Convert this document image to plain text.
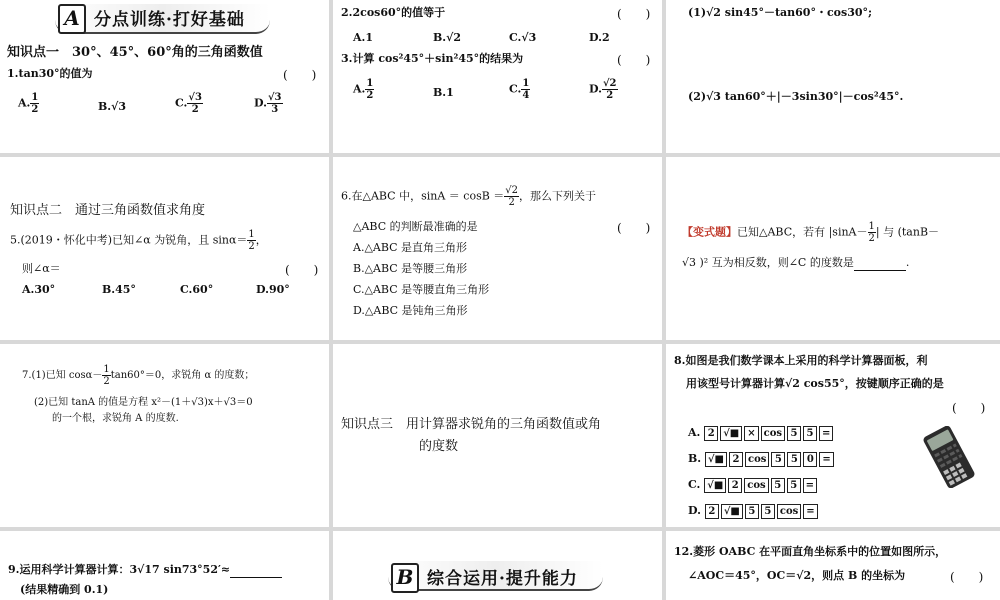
A 分点训练·打好基础
知识点一　30°、45°、60°角的三角函数值
1.tan30°的值为	(　　)
A. $\frac{1}{2}$	B.√3	C. $\frac{√3}{2}$	D. $\frac{√3}{3}$
2.2cos60°的值等于	(　　)
A.1	B.√2	C.√3	D.2
3.计算 cos²45°＋sin²45°的结果为	(　　)
A. $\frac{1}{2}$	B.1	C. $\frac{1}{4}$	D. $\frac{√2}{2}$
(1)√2 sin45°－tan60°・cos30°;
(2)√3 tan60°＋|－3sin30°|－cos²45°.
知识点二　通过三角函数值求角度
5.(2019・怀化中考)已知∠α 为锐角，且 $\sin\alpha= \frac{1}{2}$ ，
则∠α＝	(　　)
A.30°	B.45°	C.60°	D.90°
6.在△ABC 中，$\sin A = \cos B = \frac{√2}{2}$ ，那么下列关于
△ABC 的判断最准确的是	(　　)
A.△ABC 是直角三角形
B.△ABC 是等腰三角形
C.△ABC 是等腰直角三角形
D.△ABC 是钝角三角形
【变式题】已知△ABC，若有 $|\sin A- \frac{1}{2}$ | 与 (tanB－
√3 )² 互为相反数，则∠C 的度数是	.
7.(1)已知 $\cos\alpha- \frac{1}{2} \tan 60^\circ=0$，求锐角 α 的度数；
(2)已知 tanA 的值是方程 x²－(1＋√3)x＋√3＝0
的一个根，求锐角 A 的度数.	知识点三　用计算器求锐角的三角函数值或角
的度数
8.如图是我们数学课本上采用的科学计算器面板，利
用该型号计算器计算√2 cos55°，按键顺序正确的是
(　　)
A. 2 √■ × cos 5 5 =
B. √■ 2 cos 5 5 0 =
C. √■ 2 cos 5 5 =
D. 2 √■ 5 5 cos =
9.运用科学计算器计算：3√17 sin73°52′≈
(结果精确到 0.1)
B 综合运用·提升能力
12.菱形 OABC 在平面直角坐标系中的位置如图所示，
∠AOC＝45°，OC＝√2，则点 B 的坐标为	(　　)
